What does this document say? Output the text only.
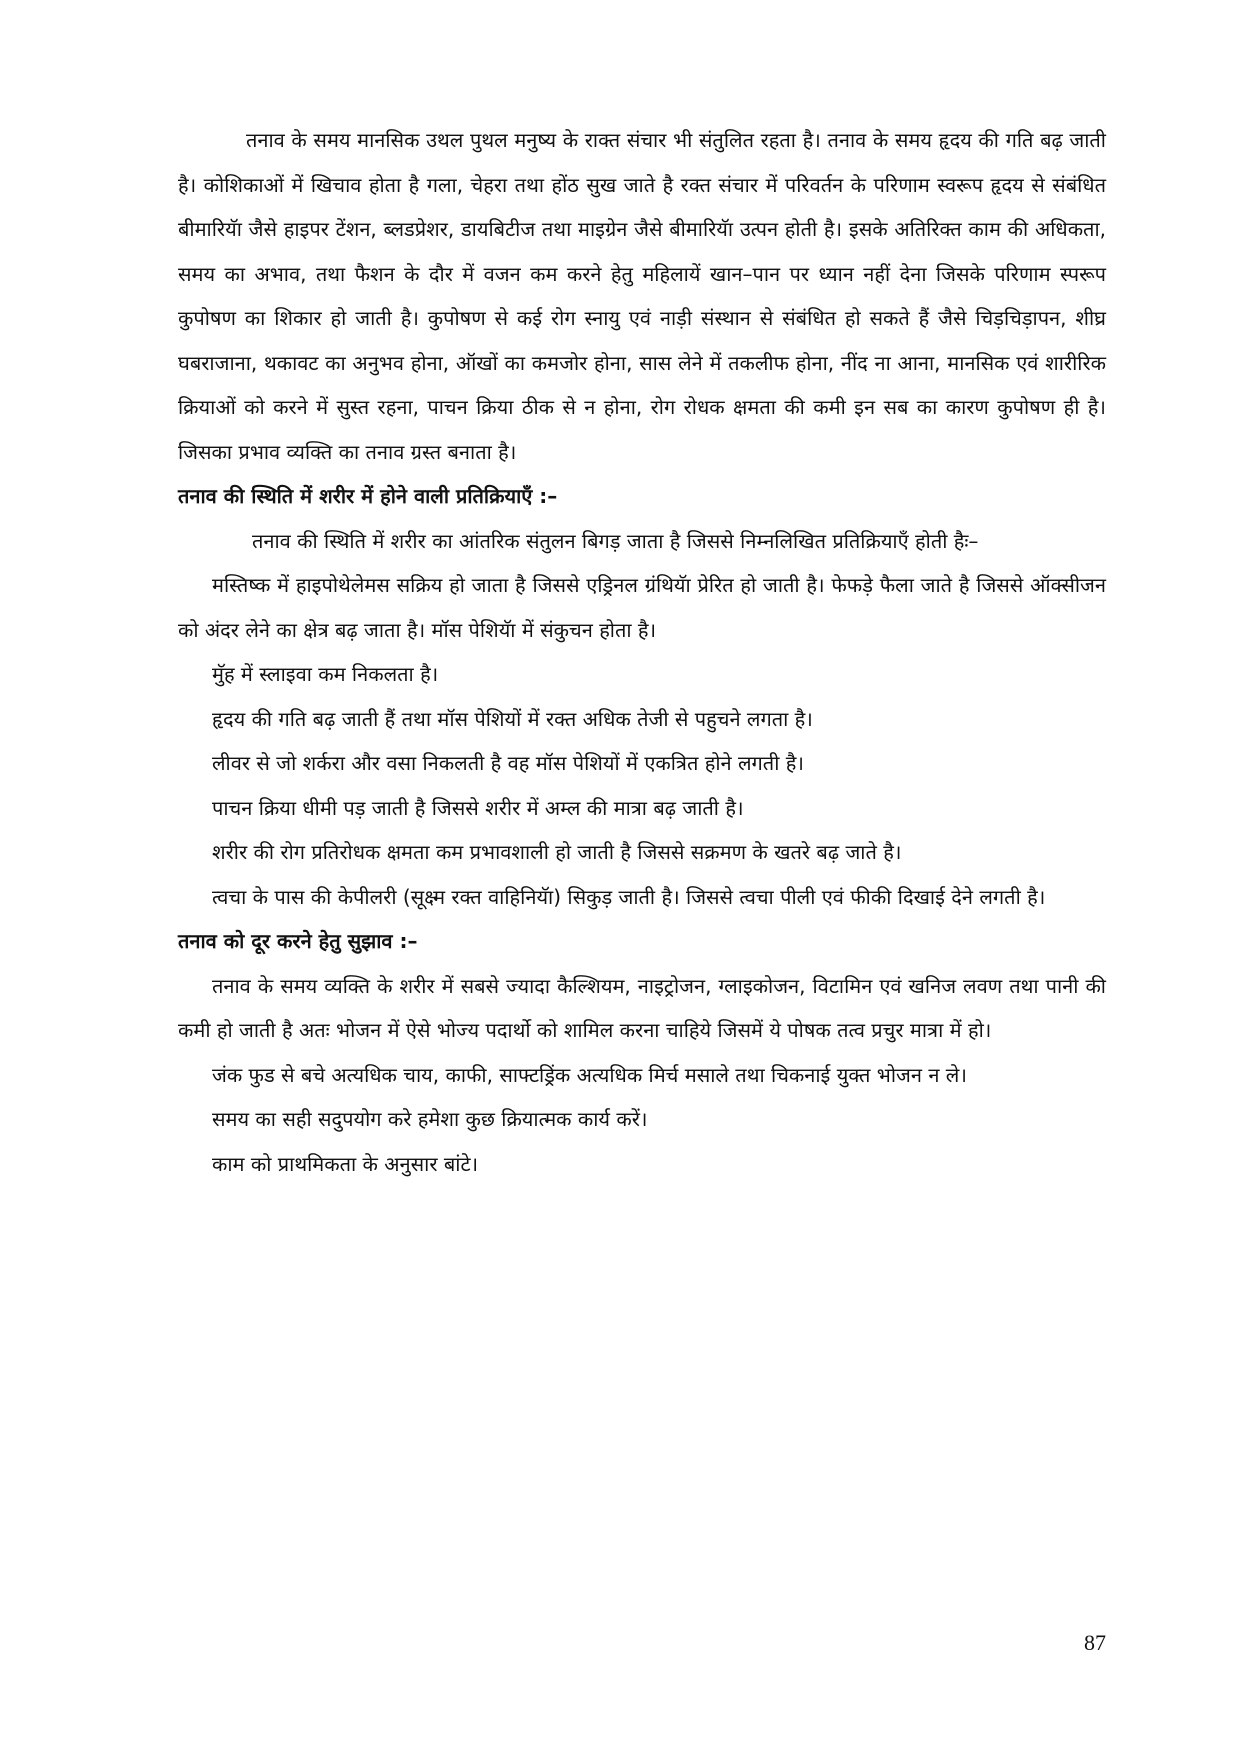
तनाव के समय मानसिक उथल पुथल मनुष्य के राक्त संचार भी संतुलित रहता है। तनाव के समय हृदय की गति बढ़ जाती है। कोशिकाओं में खिचाव होता है गला, चेहरा तथा होंठ सुख जाते है रक्त संचार में परिवर्तन के परिणाम स्वरूप हृदय से संबंधित बीमारियॅा जैसे हाइपर टेंशन, ब्लडप्रेशर, डायबिटीज तथा माइग्रेन जैसे बीमारियॅा उत्पन होती है। इसके अतिरिक्त काम की अधिकता, समय का अभाव, तथा फैशन के दौर में वजन कम करने हेतु महिलायें खान–पान पर ध्यान नहीं देना जिसके परिणाम स्परूप कुपोषण का शिकार हो जाती है। कुपोषण से कई रोग स्नायु एवं नाड़ी संस्थान से संबंधित हो सकते हैं जैसे चिड़चिड़ापन, शीघ्र घबराजाना, थकावट का अनुभव होना, ऑखों का कमजोर होना, सास लेने में तकलीफ होना, नींद ना आना, मानसिक एवं शारीरिक क्रियाओं को करने में सुस्त रहना, पाचन क्रिया ठीक से न होना, रोग रोधक क्षमता की कमी इन सब का कारण कुपोषण ही है। जिसका प्रभाव व्यक्ति का तनाव ग्रस्त बनाता है।

तनाव की स्थिति में शरीर में होने वाली प्रतिक्रियाएँ :–

तनाव की स्थिति में शरीर का आंतरिक संतुलन बिगड़ जाता है जिससे निम्नलिखित प्रतिक्रियाएँ होती हैः–

मस्तिष्क में हाइपोथेलेमस सक्रिय हो जाता है जिससे एड्रिनल ग्रंथियॅा प्रेरित हो जाती है। फेफड़े फैला जाते है जिससे ऑक्सीजन को अंदर लेने का क्षेत्र बढ़ जाता है। मॉस पेशियॅा में संकुचन होता है।

मुॅह में स्लाइवा कम निकलता है।

हृदय की गति बढ़ जाती हैं तथा मॉस पेशियों में रक्त अधिक तेजी से पहुचने लगता है।

लीवर से जो शर्करा और वसा निकलती है वह मॉस पेशियों में एकत्रित होने लगती है।

पाचन क्रिया धीमी पड़ जाती है जिससे शरीर में अम्ल की मात्रा बढ़ जाती है।

शरीर की रोग प्रतिरोधक क्षमता कम प्रभावशाली हो जाती है जिससे सक्रमण के खतरे बढ़ जाते है।

त्वचा के पास की केपीलरी (सूक्ष्म रक्त वाहिनियॅा) सिकुड़ जाती है। जिससे त्वचा पीली एवं फीकी दिखाई देने लगती है।

तनाव को दूर करने हेतु सुझाव :–

तनाव के समय व्यक्ति के शरीर में सबसे ज्यादा कैल्शियम, नाइट्रोजन, ग्लाइकोजन, विटामिन एवं खनिज लवण तथा पानी की कमी हो जाती है अतः भोजन में ऐसे भोज्य पदार्थो को शामिल करना चाहिये जिसमें ये पोषक तत्व प्रचुर मात्रा में हो।

जंक फुड से बचे अत्यधिक चाय, काफी, साफ्टड्रिंक अत्यधिक मिर्च मसाले तथा चिकनाई युक्त भोजन न ले।

समय का सही सदुपयोग करे हमेशा कुछ क्रियात्मक कार्य करें।

काम को प्राथमिकता के अनुसार बांटे।

87
